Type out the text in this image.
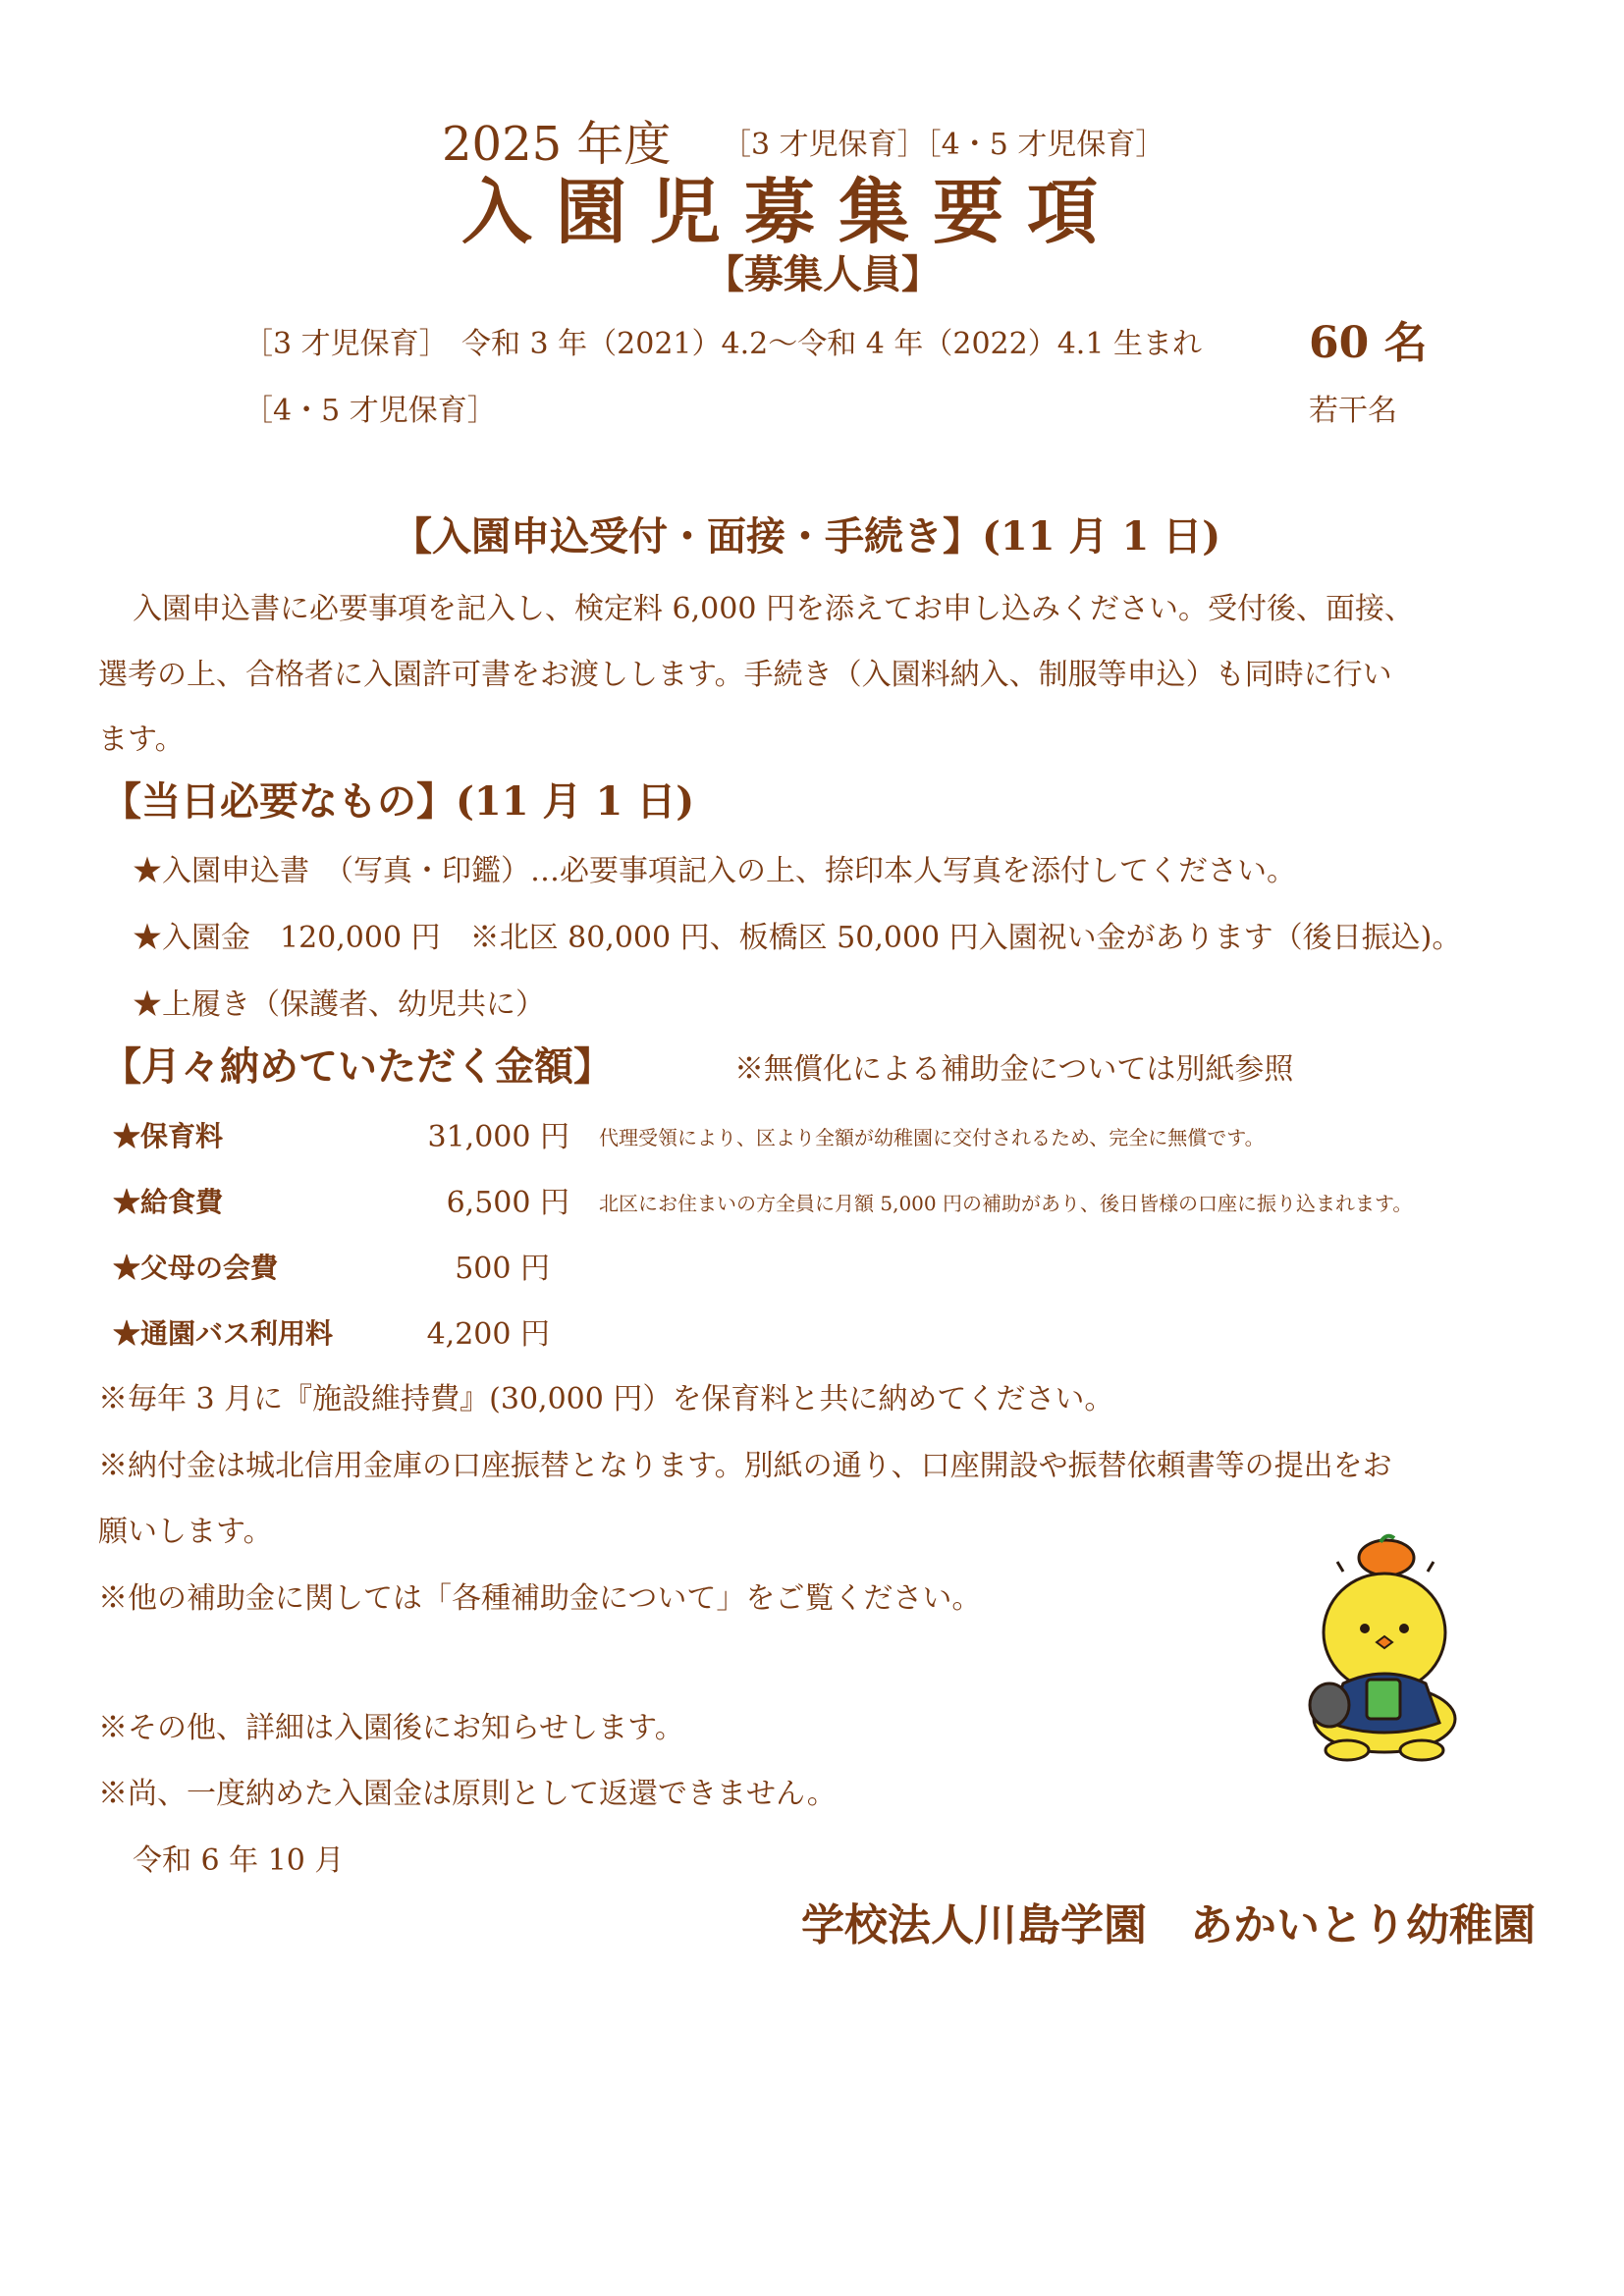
2025 年度 ［3 才児保育］［4・5 才児保育］
入園児募集要項
【募集人員】
［3 才児保育］ 令和 3 年（2021）4.2～令和 4 年（2022）4.1 生まれ 60 名
［4・5 才児保育］	若干名
【入園申込受付・面接・手続き】(11 月 1 日)
入園申込書に必要事項を記入し、検定料 6,000 円を添えてお申し込みください。受付後、面接、
選考の上、合格者に入園許可書をお渡しします。手続き（入園料納入、制服等申込）も同時に行い
ます。
【当日必要なもの】(11 月 1 日)
★入園申込書　（写真・印鑑）…必要事項記入の上、捺印本人写真を添付してください。
★入園金　120,000 円　※北区 80,000 円、板橋区 50,000 円入園祝い金があります（後日振込)。
★上履き（保護者、幼児共に）
【月々納めていただく金額】	※無償化による補助金については別紙参照
★保育料	31,000 円 代理受領により、区より全額が幼稚園に交付されるため、完全に無償です。
★給食費	6,500 円 北区にお住まいの方全員に月額 5,000 円の補助があり、後日皆様の口座に振り込まれます。
★父母の会費	500 円
★通園バス利用料	4,200 円
※毎年 3 月に『施設維持費』(30,000 円）を保育料と共に納めてください。
※納付金は城北信用金庫の口座振替となります。別紙の通り、口座開設や振替依頼書等の提出をお
願いします。
※他の補助金に関しては「各種補助金について」をご覧ください。
※その他、詳細は入園後にお知らせします。
※尚、一度納めた入園金は原則として返還できません。
令和 6 年 10 月
学校法人川島学園　あかいとり幼稚園
